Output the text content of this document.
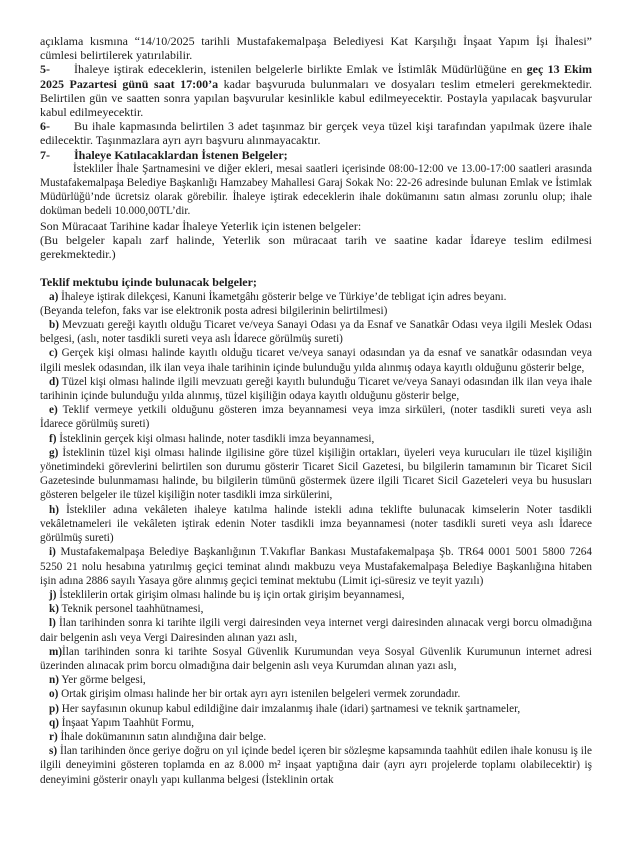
açıklama kısmına “14/10/2025 tarihli Mustafakemalpaşa Belediyesi Kat Karşılığı İnşaat Yapım İşi İhalesi” cümlesi belirtilerek yatırılabilir.

5- İhaleye iştirak edeceklerin, istenilen belgelerle birlikte Emlak ve İstimlâk Müdürlüğüne en geç 13 Ekim 2025 Pazartesi günü saat 17:00’a kadar başvuruda bulunmaları ve dosyaları teslim etmeleri gerekmektedir. Belirtilen gün ve saatten sonra yapılan başvurular kesinlikle kabul edilmeyecektir. Postayla yapılacak başvurular kabul edilmeyecektir.

6- Bu ihale kapmasında belirtilen 3 adet taşınmaz bir gerçek veya tüzel kişi tarafından yapılmak üzere ihale edilecektir. Taşınmazlara ayrı ayrı başvuru alınmayacaktır.

7- İhaleye Katılacaklardan İstenen Belgeler;

İstekliler İhale Şartnamesini ve diğer ekleri, mesai saatleri içerisinde 08:00-12:00 ve 13.00-17:00 saatleri arasında Mustafakemalpaşa Belediye Başkanlığı Hamzabey Mahallesi Garaj Sokak No: 22-26 adresinde bulunan Emlak ve İstimlak Müdürlüğü’nde ücretsiz olarak görebilir. İhaleye iştirak edeceklerin ihale dokümanını satın alması zorunlu olup; ihale doküman bedeli 10.000,00TL’dir.

Son Müracaat Tarihine kadar İhaleye Yeterlik için istenen belgeler:

(Bu belgeler kapalı zarf halinde, Yeterlik son müracaat tarih ve saatine kadar İdareye teslim edilmesi gerekmektedir.)

Teklif mektubu içinde bulunacak belgeler;

a) İhaleye iştirak dilekçesi, Kanuni İkametgâhı gösterir belge ve Türkiye’de tebligat için adres beyanı.

(Beyanda telefon, faks var ise elektronik posta adresi bilgilerinin belirtilmesi)

b) Mevzuatı gereği kayıtlı olduğu Ticaret ve/veya Sanayi Odası ya da Esnaf ve Sanatkâr Odası veya ilgili Meslek Odası belgesi, (aslı, noter tasdikli sureti veya aslı İdarece görülmüş sureti)

c) Gerçek kişi olması halinde kayıtlı olduğu ticaret ve/veya sanayi odasından ya da esnaf ve sanatkâr odasından veya ilgili meslek odasından, ilk ilan veya ihale tarihinin içinde bulunduğu yılda alınmış odaya kayıtlı olduğunu gösterir belge,

d) Tüzel kişi olması halinde ilgili mevzuatı gereği kayıtlı bulunduğu Ticaret ve/veya Sanayi odasından ilk ilan veya ihale tarihinin içinde bulunduğu yılda alınmış, tüzel kişiliğin odaya kayıtlı olduğunu gösterir belge,

e) Teklif vermeye yetkili olduğunu gösteren imza beyannamesi veya imza sirküleri, (noter tasdikli sureti veya aslı İdarece görülmüş sureti)

f) İsteklinin gerçek kişi olması halinde, noter tasdikli imza beyannamesi,

g) İsteklinin tüzel kişi olması halinde ilgilisine göre tüzel kişiliğin ortakları, üyeleri veya kurucuları ile tüzel kişiliğin yönetimindeki görevlerini belirtilen son durumu gösterir Ticaret Sicil Gazetesi, bu bilgilerin tamamının bir Ticaret Sicil Gazetesinde bulunmaması halinde, bu bilgilerin tümünü göstermek üzere ilgili Ticaret Sicil Gazeteleri veya bu hususları gösteren belgeler ile tüzel kişiliğin noter tasdikli imza sirkülerini,

h) İstekliler adına vekâleten ihaleye katılma halinde istekli adına teklifte bulunacak kimselerin Noter tasdikli vekâletnameleri ile vekâleten iştirak edenin Noter tasdikli imza beyannamesi (noter tasdikli sureti veya aslı İdarece görülmüş sureti)

i) Mustafakemalpaşa Belediye Başkanlığının T.Vakıflar Bankası Mustafakemalpaşa Şb. TR64 0001 5001 5800 7264 5250 21 nolu hesabına yatırılmış geçici teminat alındı makbuzu veya Mustafakemalpaşa Belediye Başkanlığına hitaben işin adına 2886 sayılı Yasaya göre alınmış geçici teminat mektubu (Limit içi-süresiz ve teyit yazılı)

j) İsteklilerin ortak girişim olması halinde bu iş için ortak girişim beyannamesi,

k) Teknik personel taahhütnamesi,

l) İlan tarihinden sonra ki tarihte ilgili vergi dairesinden veya internet vergi dairesinden alınacak vergi borcu olmadığına dair belgenin aslı veya Vergi Dairesinden alınan yazı aslı,

m)İlan tarihinden sonra ki tarihte Sosyal Güvenlik Kurumundan veya Sosyal Güvenlik Kurumunun internet adresi üzerinden alınacak prim borcu olmadığına dair belgenin aslı veya Kurumdan alınan yazı aslı,

n) Yer görme belgesi,

o) Ortak girişim olması halinde her bir ortak ayrı ayrı istenilen belgeleri vermek zorundadır.

p) Her sayfasının okunup kabul edildiğine dair imzalanmış ihale (idari) şartnamesi ve teknik şartnameler,

q) İnşaat Yapım Taahhüt Formu,

r) İhale dokümanının satın alındığına dair belge.

s) İlan tarihinden önce geriye doğru on yıl içinde bedel içeren bir sözleşme kapsamında taahhüt edilen ihale konusu iş ile ilgili deneyimini gösteren toplamda en az 8.000 m² inşaat yaptığına dair (ayrı ayrı projelerde toplamı olabilecektir) iş deneyimini gösterir onaylı yapı kullanma belgesi (İsteklinin ortak
